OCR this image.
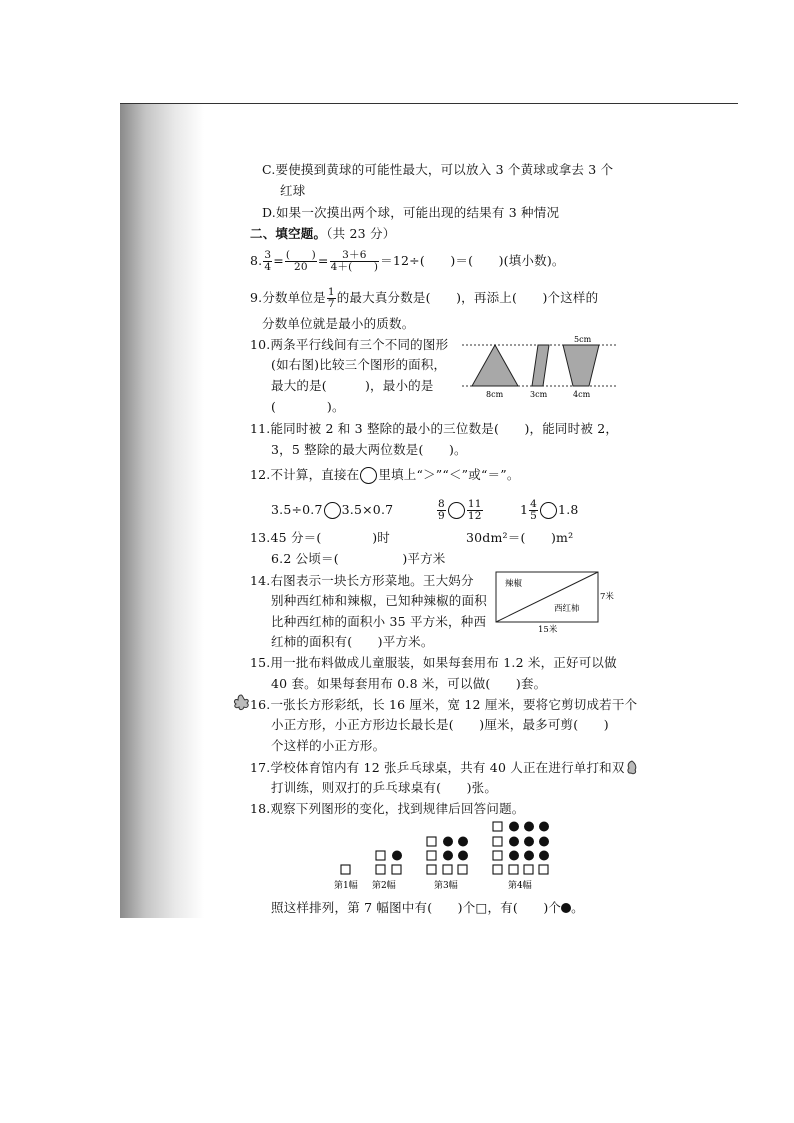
C.要使摸到黄球的可能性最大，可以放入 3 个黄球或拿去 3 个
红球
D.如果一次摸出两个球，可能出现的结果有 3 种情况
二、填空题。（共 23 分）
8. $\frac{3}{4} = \frac{( )}{20} = \frac{3+6}{4+( )} =12\div$(　　)＝(　　)(填小数)。
9.分数单位是 $\frac{1}{7}$ 的最大真分数是(　　)，再添上(　　)个这样的
分数单位就是最小的质数。
10.两条平行线间有三个不同的图形
(如右图)比较三个图形的面积，
最大的是(　　　)，最小的是
(　　　　)。
5cm
8cm	3cm	4cm
11.能同时被 2 和 3 整除的最小的三位数是(　　)，能同时被 2，
3，5 整除的最大两位数是(　　)。
12.不计算，直接在 里填上“＞”“＜”或“＝”。
3.5÷0.7 3.5×0.7	$\frac{8}{9} \frac{11}{12}$	$1 \frac{4}{5} 1.8$
13.45 分＝(　　　　)时	30dm²＝(　　)m²
6.2 公顷＝(　　　　　)平方米
14.右图表示一块长方形菜地。王大妈分
别种西红柿和辣椒，已知种辣椒的面积
比种西红柿的面积小 35 平方米，种西
红柿的面积有(　　)平方米。
辣椒
西红柿
7米
15米
15.用一批布料做成儿童服装，如果每套用布 1.2 米，正好可以做
40 套。如果每套用布 0.8 米，可以做(　　)套。
16.一张长方形彩纸，长 16 厘米，宽 12 厘米，要将它剪切成若干个
小正方形，小正方形边长最长是(　　)厘米，最多可剪(　　)
个这样的小正方形。
17.学校体育馆内有 12 张乒乓球桌，共有 40 人正在进行单打和双
打训练，则双打的乒乓球桌有(　　)张。
18.观察下列图形的变化，找到规律后回答问题。
第1幅 第2幅	第3幅	第4幅
照这样排列，第 7 幅图中有(　　)个□，有(　　)个 。
